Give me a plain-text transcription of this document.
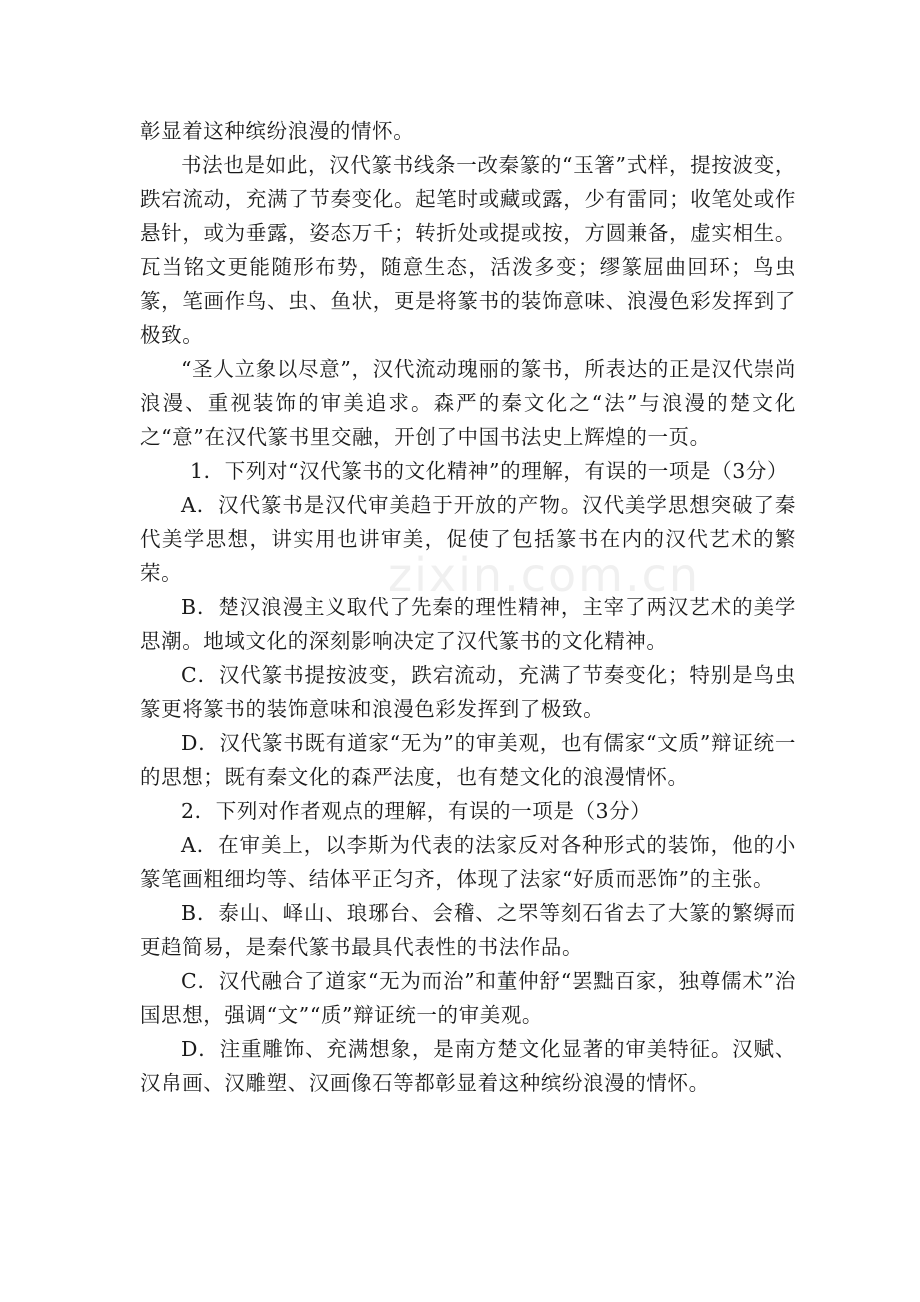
彰显着这种缤纷浪漫的情怀。

书法也是如此，汉代篆书线条一改秦篆的“玉箸”式样，提按波变，跌宕流动，充满了节奏变化。起笔时或藏或露，少有雷同；收笔处或作悬针，或为垂露，姿态万千；转折处或提或按，方圆兼备，虚实相生。瓦当铭文更能随形布势，随意生态，活泼多变；缪篆屈曲回环；鸟虫篆，笔画作鸟、虫、鱼状，更是将篆书的装饰意味、浪漫色彩发挥到了极致。

“圣人立象以尽意”，汉代流动瑰丽的篆书，所表达的正是汉代崇尚浪漫、重视装饰的审美追求。森严的秦文化之“法”与浪漫的楚文化之“意”在汉代篆书里交融，开创了中国书法史上辉煌的一页。

1．下列对“汉代篆书的文化精神”的理解，有误的一项是（3分）

A．汉代篆书是汉代审美趋于开放的产物。汉代美学思想突破了秦代美学思想，讲实用也讲审美，促使了包括篆书在内的汉代艺术的繁荣。

B．楚汉浪漫主义取代了先秦的理性精神，主宰了两汉艺术的美学思潮。地域文化的深刻影响决定了汉代篆书的文化精神。

C．汉代篆书提按波变，跌宕流动，充满了节奏变化；特别是鸟虫篆更将篆书的装饰意味和浪漫色彩发挥到了极致。

D．汉代篆书既有道家“无为”的审美观，也有儒家“文质”辩证统一的思想；既有秦文化的森严法度，也有楚文化的浪漫情怀。

2．下列对作者观点的理解，有误的一项是（3分）

A．在审美上，以李斯为代表的法家反对各种形式的装饰，他的小篆笔画粗细均等、结体平正匀齐，体现了法家“好质而恶饰”的主张。

B．泰山、峄山、琅琊台、会稽、之罘等刻石省去了大篆的繁缛而更趋简易，是秦代篆书最具代表性的书法作品。

C．汉代融合了道家“无为而治”和董仲舒“罢黜百家，独尊儒术”治国思想，强调“文”“质”辩证统一的审美观。

D．注重雕饰、充满想象，是南方楚文化显著的审美特征。汉赋、汉帛画、汉雕塑、汉画像石等都彰显着这种缤纷浪漫的情怀。

zixin.com.cn
